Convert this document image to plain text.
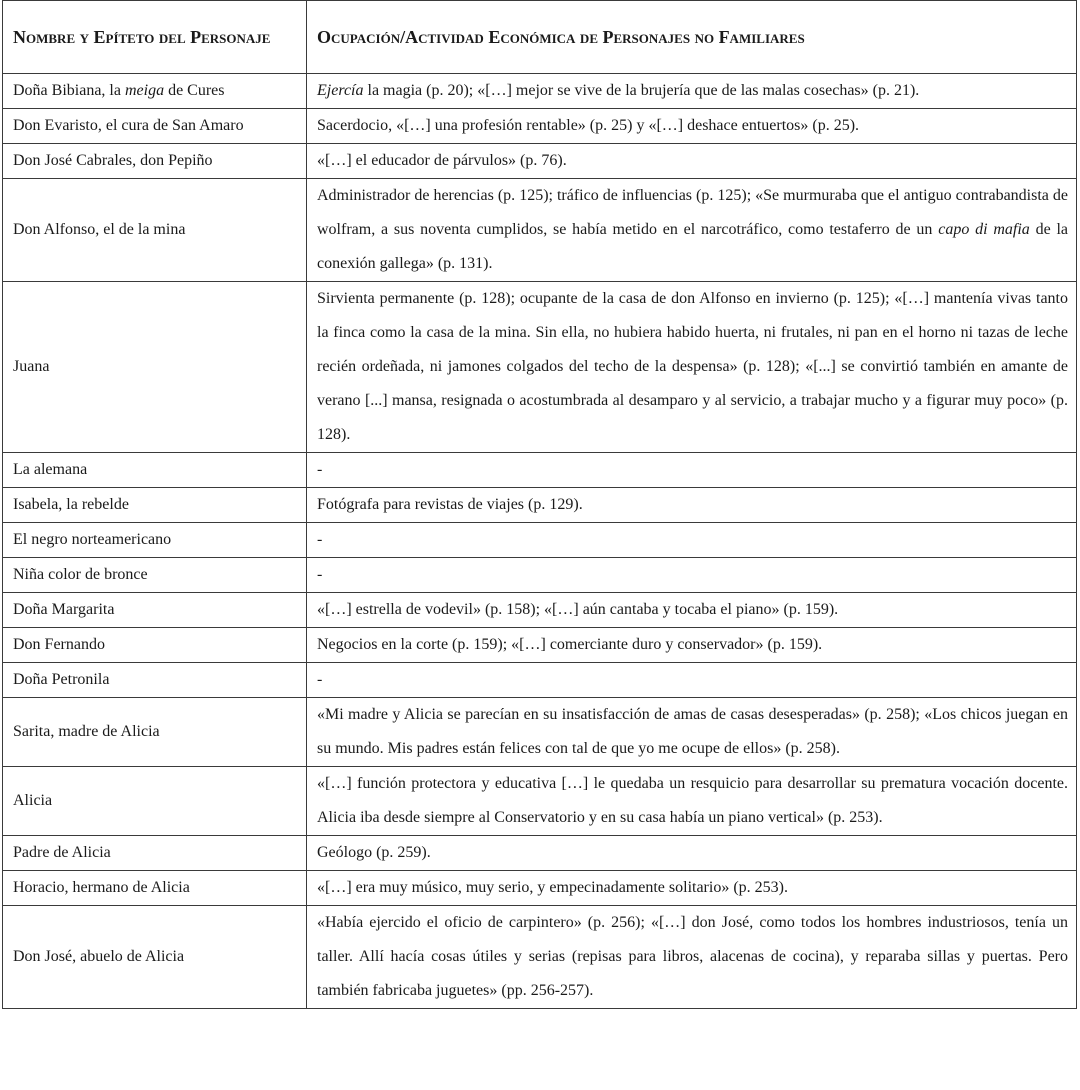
Nombre y Epíteto del Personaje	Ocupación/Actividad Económica de Personajes no Familiares
Doña Bibiana, la meiga de Cures	Ejercía la magia (p. 20); «[…] mejor se vive de la brujería que de las malas cosechas» (p. 21).
Don Evaristo, el cura de San Amaro	Sacerdocio, «[…] una profesión rentable» (p. 25) y «[…] deshace entuertos» (p. 25).
Don José Cabrales, don Pepiño	«[…] el educador de párvulos» (p. 76).
Don Alfonso, el de la mina	Administrador de herencias (p. 125); tráfico de influencias (p. 125); «Se murmuraba que el antiguo contrabandista de wolfram, a sus noventa cumplidos, se había metido en el narcotráfico, como testaferro de un capo di mafia de la conexión gallega» (p. 131).
Juana	Sirvienta permanente (p. 128); ocupante de la casa de don Alfonso en invierno (p. 125); «[…] mantenía vivas tanto la finca como la casa de la mina. Sin ella, no hubiera habido huerta, ni frutales, ni pan en el horno ni tazas de leche recién ordeñada, ni jamones colgados del techo de la despensa» (p. 128); «[...] se convirtió también en amante de verano [...] mansa, resignada o acostumbrada al desamparo y al servicio, a trabajar mucho y a figurar muy poco» (p. 128).
La alemana	-
Isabela, la rebelde	Fotógrafa para revistas de viajes (p. 129).
El negro norteamericano	-
Niña color de bronce	-
Doña Margarita	«[…] estrella de vodevil» (p. 158); «[…] aún cantaba y tocaba el piano» (p. 159).
Don Fernando	Negocios en la corte (p. 159); «[…] comerciante duro y conservador» (p. 159).
Doña Petronila	-
Sarita, madre de Alicia	«Mi madre y Alicia se parecían en su insatisfacción de amas de casas desesperadas» (p. 258); «Los chicos juegan en su mundo. Mis padres están felices con tal de que yo me ocupe de ellos» (p. 258).
Alicia	«[…] función protectora y educativa […] le quedaba un resquicio para desarrollar su prematura vocación docente. Alicia iba desde siempre al Conservatorio y en su casa había un piano vertical» (p. 253).
Padre de Alicia	Geólogo (p. 259).
Horacio, hermano de Alicia	«[…] era muy músico, muy serio, y empecinadamente solitario» (p. 253).
Don José, abuelo de Alicia	«Había ejercido el oficio de carpintero» (p. 256); «[…] don José, como todos los hombres industriosos, tenía un taller. Allí hacía cosas útiles y serias (repisas para libros, alacenas de cocina), y reparaba sillas y puertas. Pero también fabricaba juguetes» (pp. 256-257).
